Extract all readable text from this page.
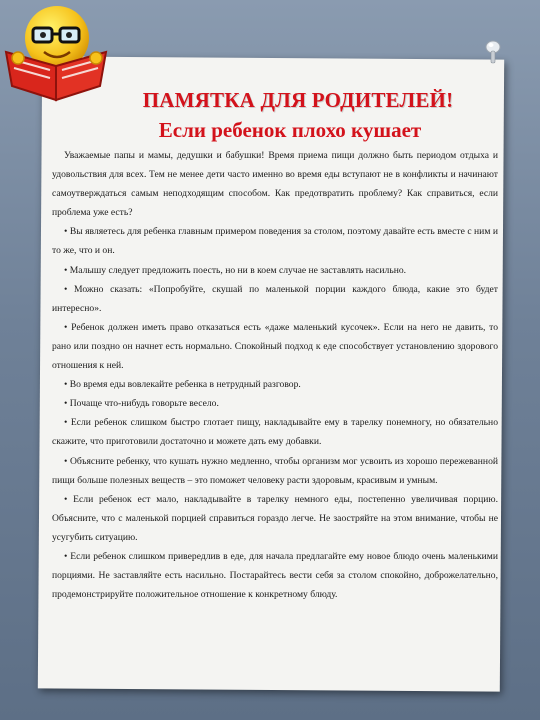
ПАМЯТКА ДЛЯ РОДИТЕЛЕЙ!
Если ребенок плохо кушает

Уважаемые папы и мамы, дедушки и бабушки! Время приема пищи должно быть периодом отдыха и удовольствия для всех. Тем не менее дети часто именно во время еды вступают не в конфликты и начинают самоутверждаться самым неподходящим способом. Как предотвратить проблему? Как справиться, если проблема уже есть?

• Вы являетесь для ребенка главным примером поведения за столом, поэтому давайте есть вместе с ним и то же, что и он.

• Малышу следует предложить поесть, но ни в коем случае не заставлять насильно.

• Можно сказать: «Попробуйте, скушай по маленькой порции каждого блюда, какие это будет интересно».

• Ребенок должен иметь право отказаться есть «даже маленький кусочек». Если на него не давить, то рано или поздно он начнет есть нормально. Спокойный подход к еде способствует установлению здорового отношения к ней.

• Во время еды вовлекайте ребенка в нетрудный разговор.

• Почаще что-нибудь говорьте весело.

• Если ребенок слишком быстро глотает пищу, накладывайте ему в тарелку понемногу, но обязательно скажите, что приготовили достаточно и можете дать ему добавки.

• Объясните ребенку, что кушать нужно медленно, чтобы организм мог усвоить из хорошо пережеванной пищи больше полезных веществ – это поможет человеку расти здоровым, красивым и умным.

• Если ребенок ест мало, накладывайте в тарелку немного еды, постепенно увеличивая порцию. Объясните, что с маленькой порцией справиться гораздо легче. Не заостряйте на этом внимание, чтобы не усугубить ситуацию.

• Если ребенок слишком привередлив в еде, для начала предлагайте ему новое блюдо очень маленькими порциями. Не заставляйте есть насильно. Постарайтесь вести себя за столом спокойно, доброжелательно, продемонстрируйте положительное отношение к конкретному блюду.
